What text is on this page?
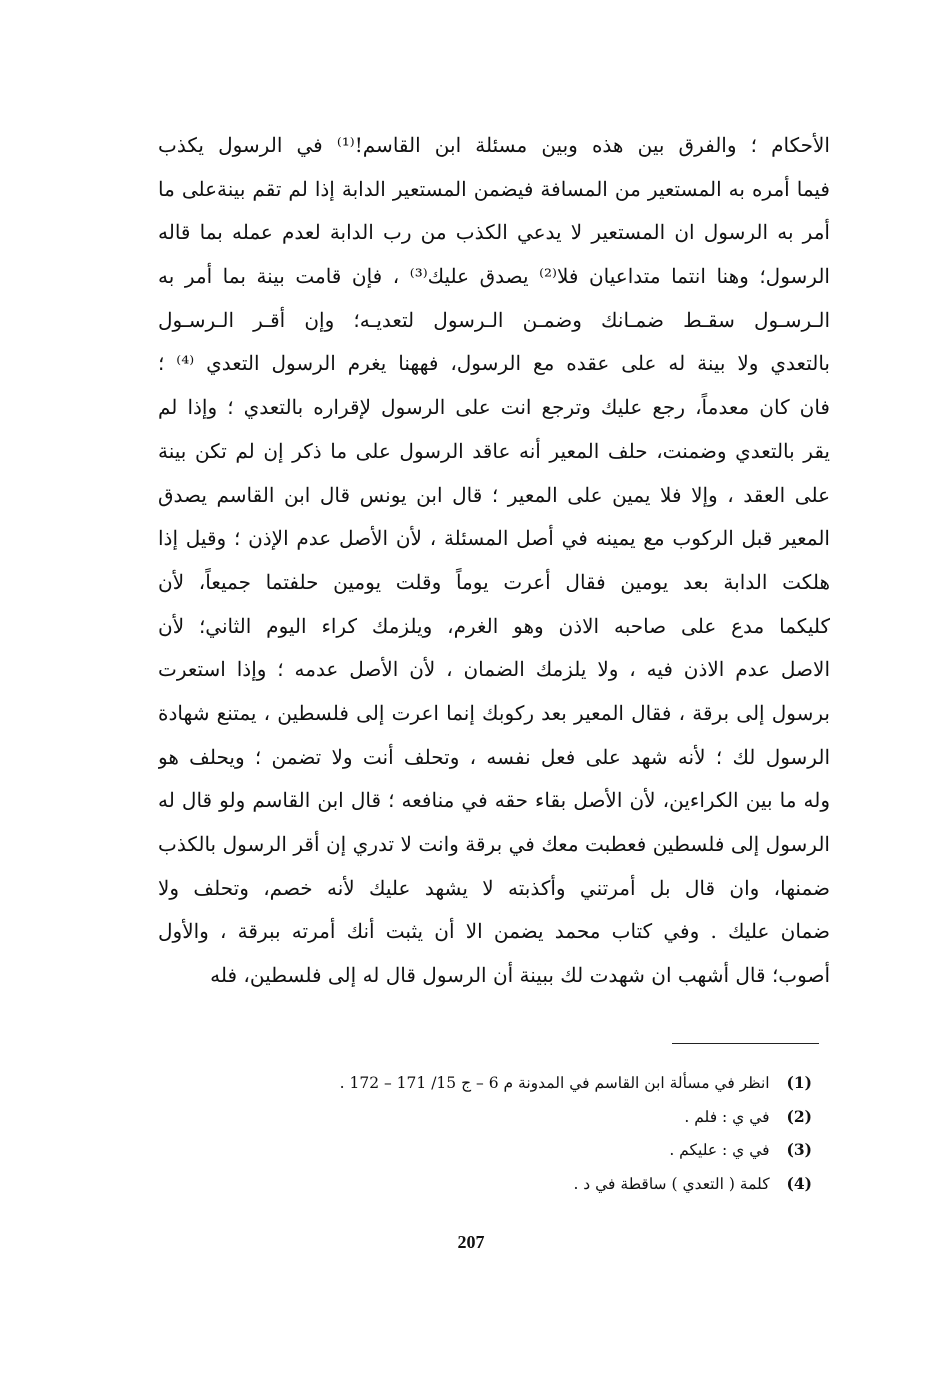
الأحكام ؛ والفرق بين هذه وبين مسئلة ابن القاسم!⁽¹⁾ في الرسول يكذب
فيما أمره به المستعير من المسافة فيضمن المستعير الدابة إذا لم تقم بينةعلى ما
أمر به الرسول ان المستعير لا يدعي الكذب من رب الدابة لعدم عمله بما قاله
الرسول؛ وهنا انتما متداعيان فلا⁽²⁾ يصدق عليك⁽³⁾ ، فإن قامت بينة بما أمر به
الـرسـول سقـط ضمـانك وضمـن الـرسول لتعديـه؛ وإن أقـر الـرسـول
بالتعدي ولا بينة له على عقده مع الرسول، فههنا يغرم الرسول التعدي ⁽⁴⁾ ؛
فان كان معدماً، رجع عليك وترجع انت على الرسول لإقراره بالتعدي ؛ وإذا لم
يقر بالتعدي وضمنت، حلف المعير أنه عاقد الرسول على ما ذكر إن لم تكن بينة
على العقد ، وإلا فلا يمين على المعير ؛ قال ابن يونس قال ابن القاسم يصدق
المعير قبل الركوب مع يمينه في أصل المسئلة ، لأن الأصل عدم الإذن ؛ وقيل إذا
هلكت الدابة بعد يومين فقال أعرت يوماً وقلت يومين حلفتما جميعاً، لأن
كليكما مدع على صاحبه الاذن وهو الغرم، ويلزمك كراء اليوم الثاني؛ لأن
الاصل عدم الاذن فيه ، ولا يلزمك الضمان ، لأن الأصل عدمه ؛ وإذا استعرت
برسول إلى برقة ، فقال المعير بعد ركوبك إنما اعرت إلى فلسطين ، يمتنع شهادة
الرسول لك ؛ لأنه شهد على فعل نفسه ، وتحلف أنت ولا تضمن ؛ ويحلف هو
وله ما بين الكراءين، لأن الأصل بقاء حقه في منافعه ؛ قال ابن القاسم ولو قال له
الرسول إلى فلسطين فعطبت معك في برقة وانت لا تدري إن أقر الرسول بالكذب
ضمنها، وان قال بل أمرتني وأكذبته لا يشهد عليك لأنه خصم، وتحلف ولا
ضمان عليك . وفي كتاب محمد يضمن الا أن يثبت أنك أمرته ببرقة ، والأول
أصوب؛ قال أشهب ان شهدت لك ببينة أن الرسول قال له إلى فلسطين، فله
(1) انظر في مسألة ابن القاسم في المدونة م 6 – ج 15/ 171 – 172 .
(2) في ي : فلم .
(3) في ي : عليكم .
(4) كلمة ( التعدي ) ساقطة في د .
207
